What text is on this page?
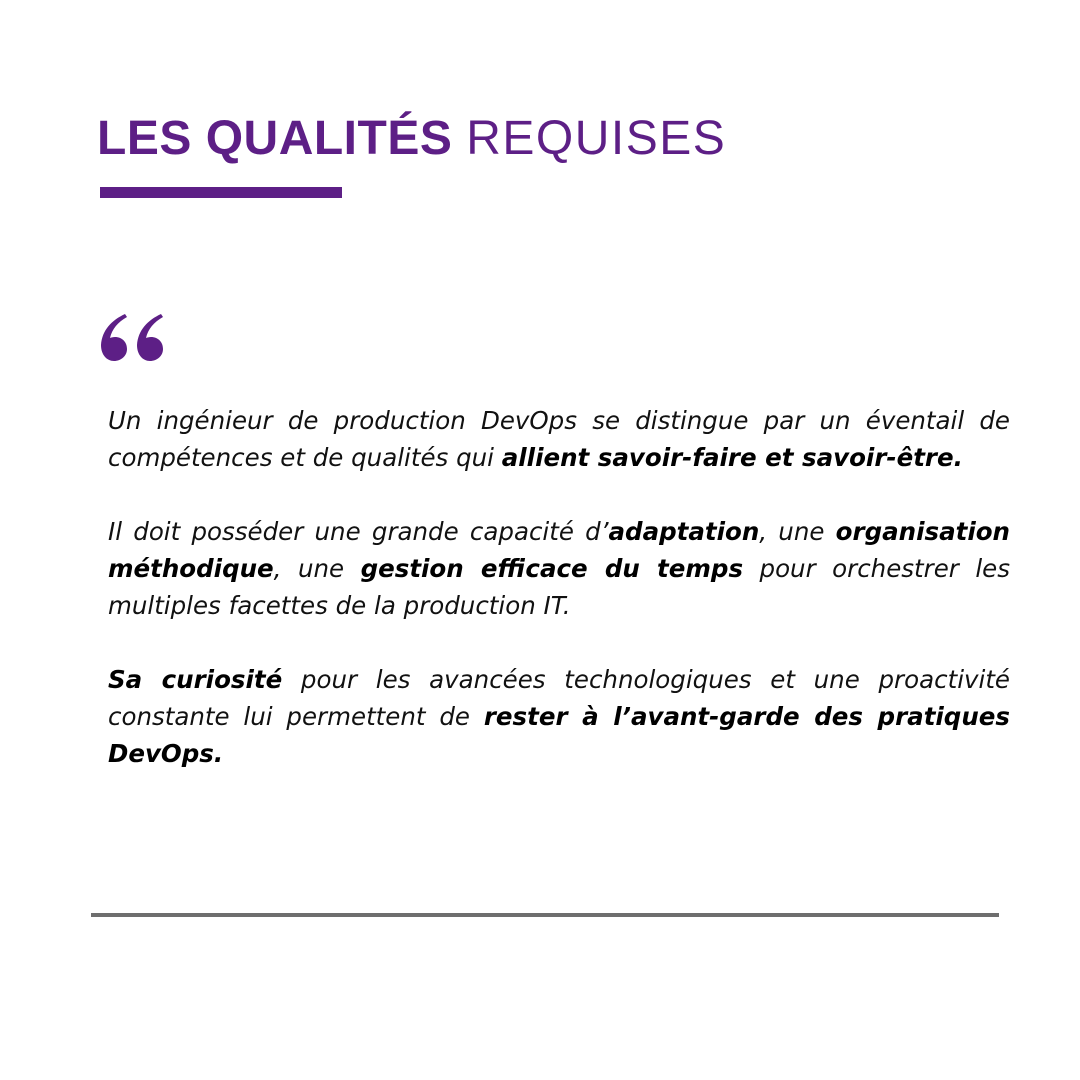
LES QUALITÉS REQUISES

Un ingénieur de production DevOps se distingue par un éventail de compétences et de qualités qui allient savoir-faire et savoir-être.

Il doit posséder une grande capacité d’adaptation, une organisation méthodique, une gestion efficace du temps pour orchestrer les multiples facettes de la production IT.

Sa curiosité pour les avancées technologiques et une proactivité constante lui permettent de rester à l’avant-garde des pratiques DevOps.
